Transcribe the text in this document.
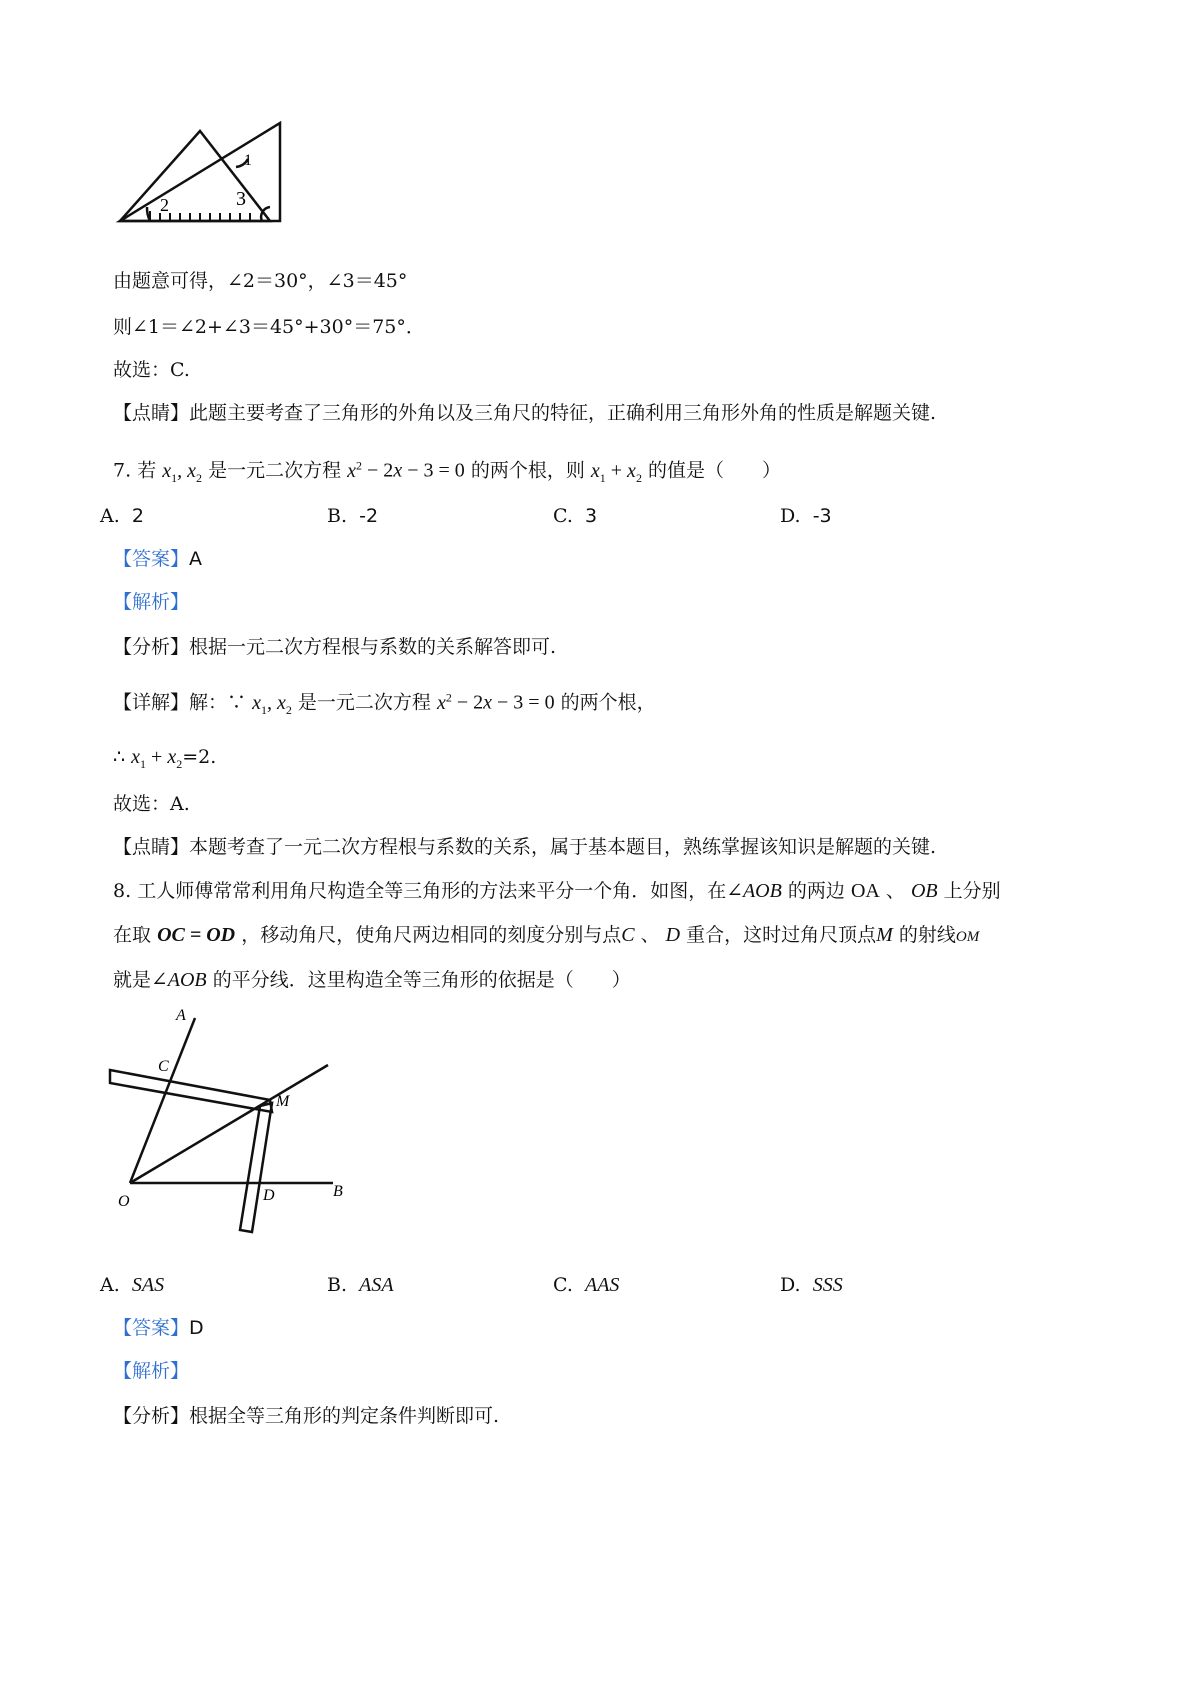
1
2	3
由题意可得，∠2＝30°，∠3＝45°
则∠1＝∠2+∠3＝45°+30°＝75°．
故选：C.
【点睛】此题主要考查了三角形的外角以及三角尺的特征，正确利用三角形外角的性质是解题关键.
7. 若 $x_1$, $x_2$ 是一元二次方程 $x^2 - 2x - 3 = 0$ 的两个根，则 $x_1 + x_2$ 的值是（　　）
A. 2	B. -2	C. 3	D. -3
【答案】A
【解析】
【分析】根据一元二次方程根与系数的关系解答即可.
【详解】解：∵ $x_1$, $x_2$ 是一元二次方程 $x^2 - 2x - 3 = 0$ 的两个根，
∴ $x_1 + x_2=2$.
故选：A.
【点睛】本题考查了一元二次方程根与系数的关系，属于基本题目，熟练掌握该知识是解题的关键.
8. 工人师傅常常利用角尺构造全等三角形的方法来平分一个角．如图，在∠AOB 的两边 OA 、 OB 上分别
在取 OC = OD ，移动角尺，使角尺两边相同的刻度分别与点C 、 D 重合，这时过角尺顶点M 的射线OM
就是∠AOB 的平分线．这里构造全等三角形的依据是（　　）
A
C
M
O	D	B
A. SAS	B. ASA	C. AAS	D. SSS
【答案】D
【解析】
【分析】根据全等三角形的判定条件判断即可.
